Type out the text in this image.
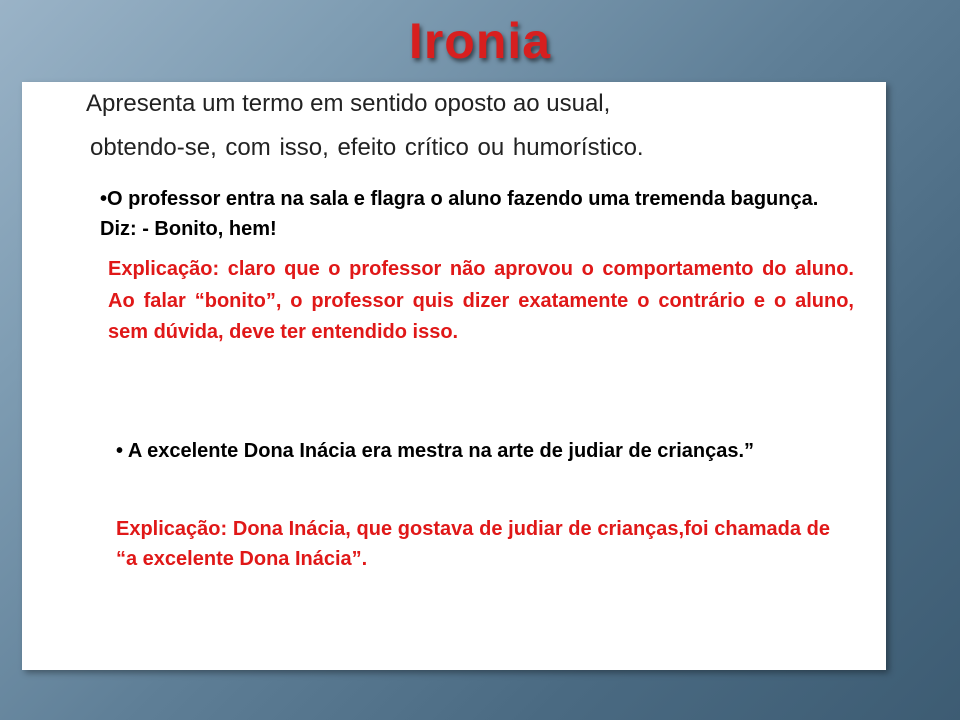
Ironia
Apresenta um termo em sentido oposto ao usual,
obtendo-se, com isso, efeito crítico ou humorístico.
•O professor entra na sala e flagra o aluno fazendo uma tremenda bagunça. Diz: - Bonito, hem!
Explicação: claro que o professor não aprovou o comportamento do aluno. Ao falar “bonito”, o professor quis dizer exatamente o contrário e o aluno, sem dúvida, deve ter entendido isso.
• A excelente Dona Inácia era mestra na arte de judiar de crianças.”
Explicação: Dona Inácia, que gostava de judiar de crianças,foi chamada de “a excelente Dona Inácia”.
